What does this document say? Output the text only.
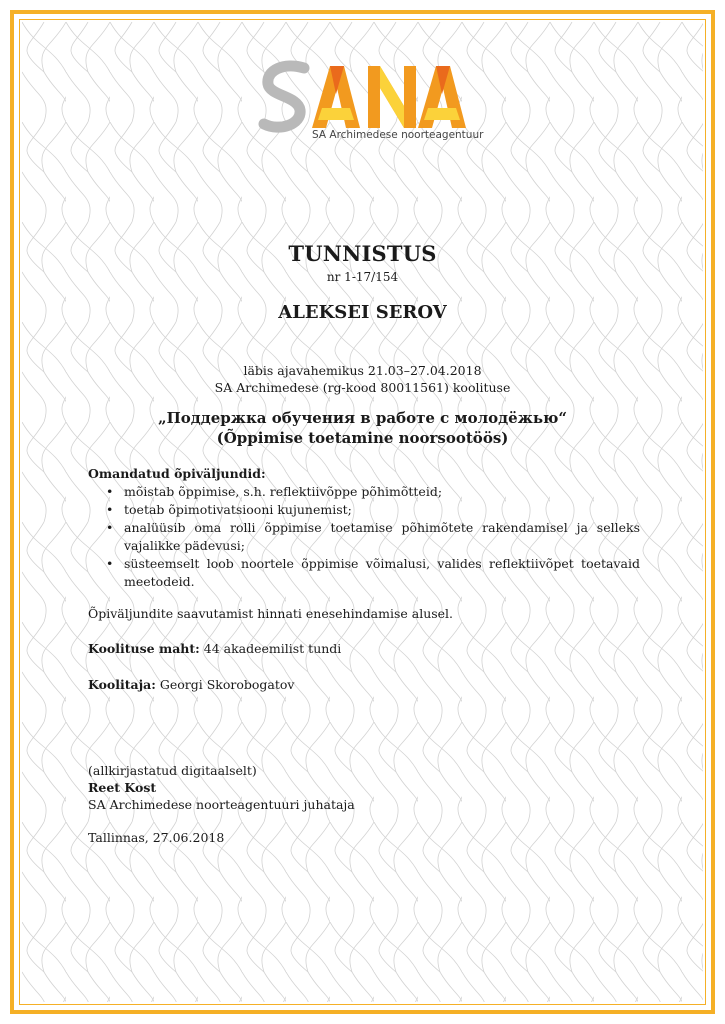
SA Archimedese noorteagentuur
TUNNISTUS
nr 1-17/154
ALEKSEI SEROV
läbis ajavahemikus 21.03–27.04.2018
SA Archimedese (rg-kood 80011561) koolituse
„Поддержка обучения в работе с молодёжью“
(Õppimise toetamine noorsootöös)
Omandatud õpiväljundid:
• mõistab õppimise, s.h. reflektiivõppe põhimõtteid;
• toetab õpimotivatsiooni kujunemist;
• analüüsib oma rolli õppimise toetamise põhimõtete rakendamisel ja selleks vajalikke pädevusi;
• süsteemselt loob noortele õppimise võimalusi, valides reflektiivõpet toetavaid meetodeid.
Õpiväljundite saavutamist hinnati enesehindamise alusel.
Koolituse maht: 44 akadeemilist tundi
Koolitaja: Georgi Skorobogatov
(allkirjastatud digitaalselt)
Reet Kost
SA Archimedese noorteagentuuri juhataja
Tallinnas, 27.06.2018
